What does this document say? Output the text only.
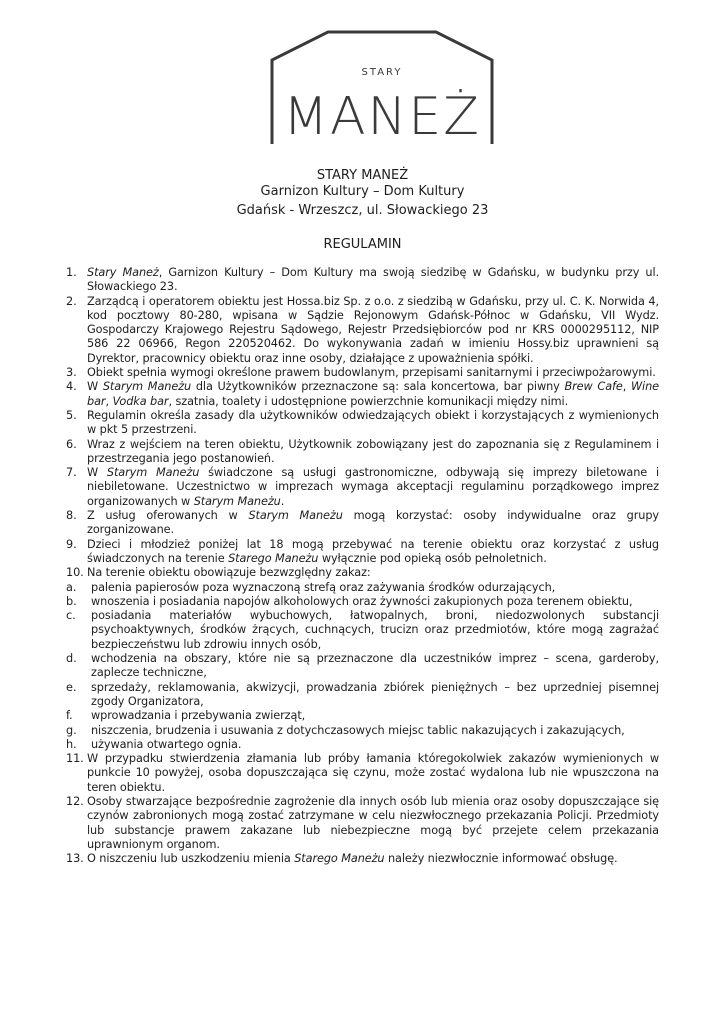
STARY
MANEŻ
STARY MANEŻ
Garnizon Kultury – Dom Kultury
Gdańsk - Wrzeszcz, ul. Słowackiego 23
REGULAMIN
1. Stary Maneż, Garnizon Kultury – Dom Kultury ma swoją siedzibę w Gdańsku, w budynku przy ul. Słowackiego 23.
2. Zarządcą i operatorem obiektu jest Hossa.biz Sp. z o.o. z siedzibą w Gdańsku, przy ul. C. K. Norwida 4, kod pocztowy 80-280, wpisana w Sądzie Rejonowym Gdańsk-Północ w Gdańsku, VII Wydz. Gospodarczy Krajowego Rejestru Sądowego, Rejestr Przedsiębiorców pod nr KRS 0000295112, NIP 586 22 06966, Regon 220520462. Do wykonywania zadań w imieniu Hossy.biz uprawnieni są Dyrektor, pracownicy obiektu oraz inne osoby, działające z upoważnienia spółki.
3. Obiekt spełnia wymogi określone prawem budowlanym, przepisami sanitarnymi i przeciwpożarowymi.
4. W Starym Maneżu dla Użytkowników przeznaczone są: sala koncertowa, bar piwny Brew Cafe, Wine bar, Vodka bar, szatnia, toalety i udostępnione powierzchnie komunikacji między nimi.
5. Regulamin określa zasady dla użytkowników odwiedzających obiekt i korzystających z wymienionych w pkt 5 przestrzeni.
6. Wraz z wejściem na teren obiektu, Użytkownik zobowiązany jest do zapoznania się z Regulaminem i przestrzegania jego postanowień.
7. W Starym Maneżu świadczone są usługi gastronomiczne, odbywają się imprezy biletowane i niebiletowane. Uczestnictwo w imprezach wymaga akceptacji regulaminu porządkowego imprez organizowanych w Starym Maneżu.
8. Z usług oferowanych w Starym Maneżu mogą korzystać: osoby indywidualne oraz grupy zorganizowane.
9. Dzieci i młodzież poniżej lat 18 mogą przebywać na terenie obiektu oraz korzystać z usług świadczonych na terenie Starego Maneżu wyłącznie pod opieką osób pełnoletnich.
10. Na terenie obiektu obowiązuje bezwzględny zakaz:
a. palenia papierosów poza wyznaczoną strefą oraz zażywania środków odurzających,
b. wnoszenia i posiadania napojów alkoholowych oraz żywności zakupionych poza terenem obiektu,
c. posiadania materiałów wybuchowych, łatwopalnych, broni, niedozwolonych substancji psychoaktywnych, środków żrących, cuchnących, trucizn oraz przedmiotów, które mogą zagrażać bezpieczeństwu lub zdrowiu innych osób,
d. wchodzenia na obszary, które nie są przeznaczone dla uczestników imprez – scena, garderoby, zaplecze techniczne,
e. sprzedaży, reklamowania, akwizycji, prowadzania zbiórek pieniężnych – bez uprzedniej pisemnej zgody Organizatora,
f. wprowadzania i przebywania zwierząt,
g. niszczenia, brudzenia i usuwania z dotychczasowych miejsc tablic nakazujących i zakazujących,
h. używania otwartego ognia.
11. W przypadku stwierdzenia złamania lub próby łamania któregokolwiek zakazów wymienionych w punkcie 10 powyżej, osoba dopuszczająca się czynu, może zostać wydalona lub nie wpuszczona na teren obiektu.
12. Osoby stwarzające bezpośrednie zagrożenie dla innych osób lub mienia oraz osoby dopuszczające się czynów zabronionych mogą zostać zatrzymane w celu niezwłocznego przekazania Policji. Przedmioty lub substancje prawem zakazane lub niebezpieczne mogą być przejete celem przekazania uprawnionym organom.
13. O niszczeniu lub uszkodzeniu mienia Starego Maneżu należy niezwłocznie informować obsługę.
